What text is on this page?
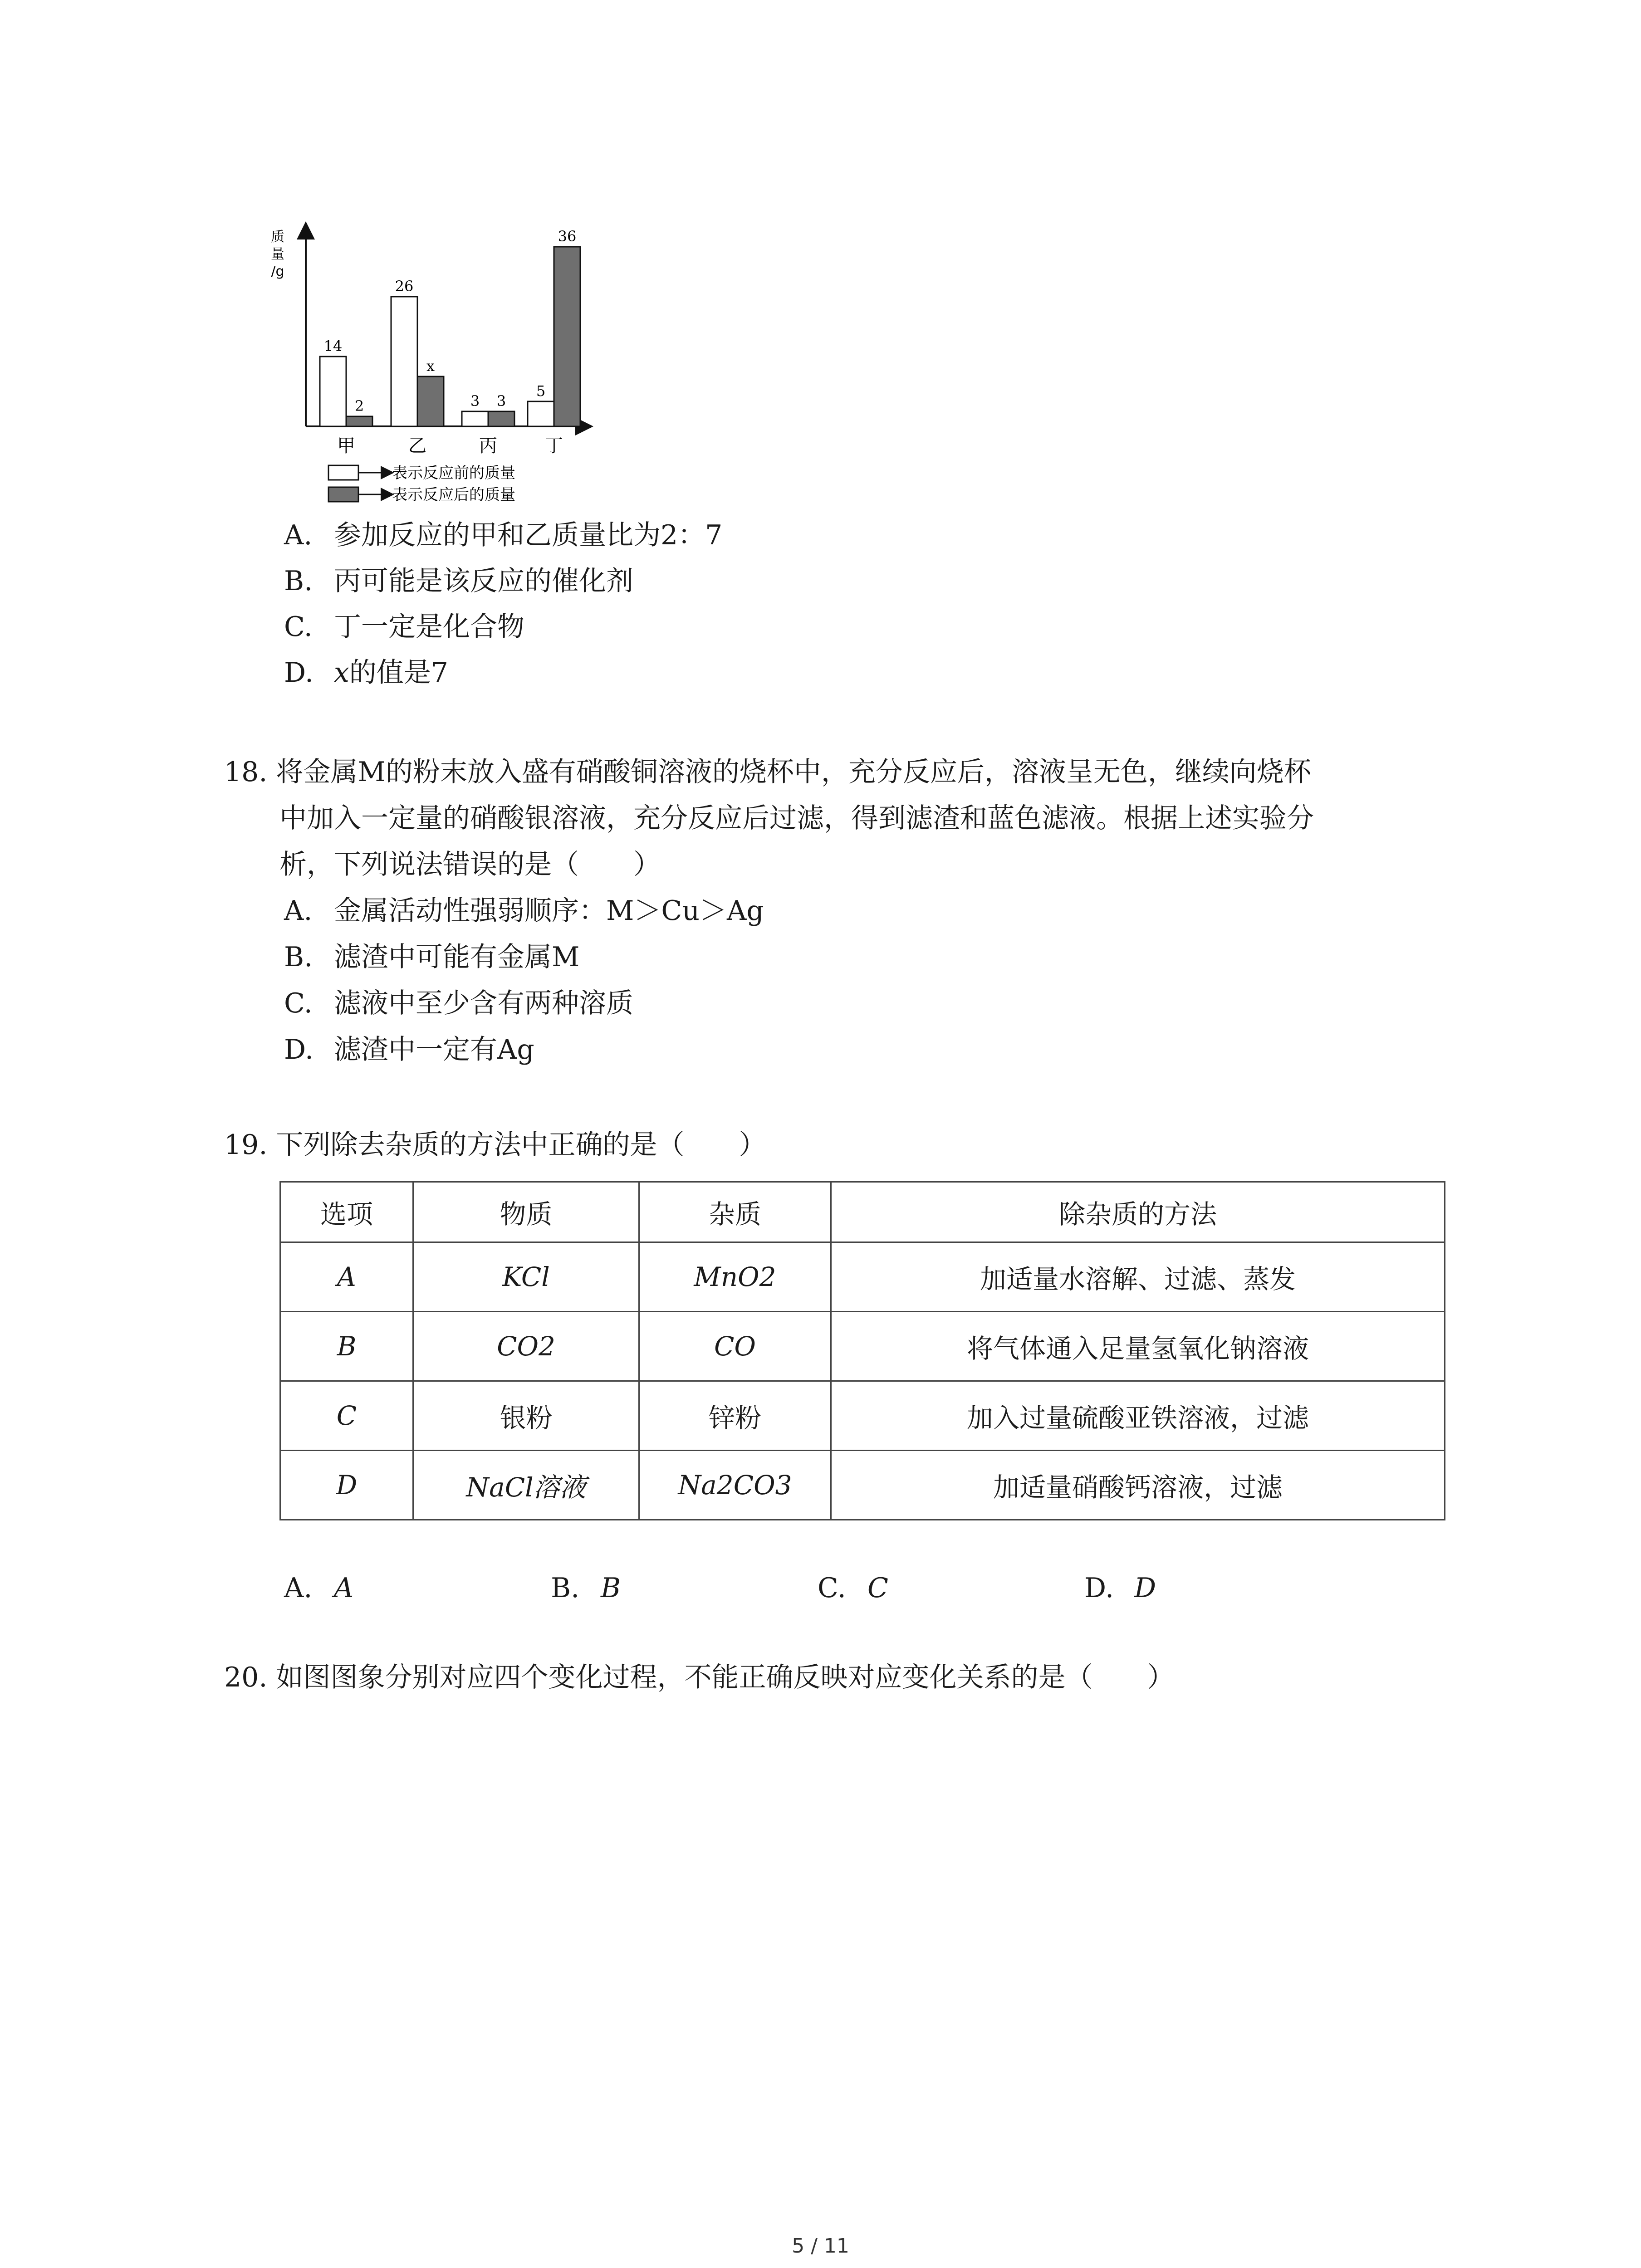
质
量
/g
14
2
26
x
3 3
5
36
甲	乙	丙	丁
表示反应前的质量
表示反应后的质量
A. 参加反应的甲和乙质量比为2：7
B. 丙可能是该反应的催化剂
C. 丁一定是化合物
D. x的值是7
18. 将金属M的粉末放入盛有硝酸铜溶液的烧杯中，充分反应后，溶液呈无色，继续向烧杯
中加入一定量的硝酸银溶液，充分反应后过滤，得到滤渣和蓝色滤液。根据上述实验分
析，下列说法错误的是（　　）
A. 金属活动性强弱顺序：M＞Cu＞Ag
B. 滤渣中可能有金属M
C. 滤液中至少含有两种溶质
D. 滤渣中一定有Ag
19. 下列除去杂质的方法中正确的是（　　）
选项	物质	杂质	除杂质的方法
A	KCl	MnO2	加适量水溶解、过滤、蒸发
B	CO2	CO	将气体通入足量氢氧化钠溶液
C	银粉	锌粉	加入过量硫酸亚铁溶液，过滤
D	NaCl溶液	Na2CO3	加适量硝酸钙溶液，过滤
A. A	B. B	C. C	D. D
20. 如图图象分别对应四个变化过程，不能正确反映对应变化关系的是（　　）
5 / 11
